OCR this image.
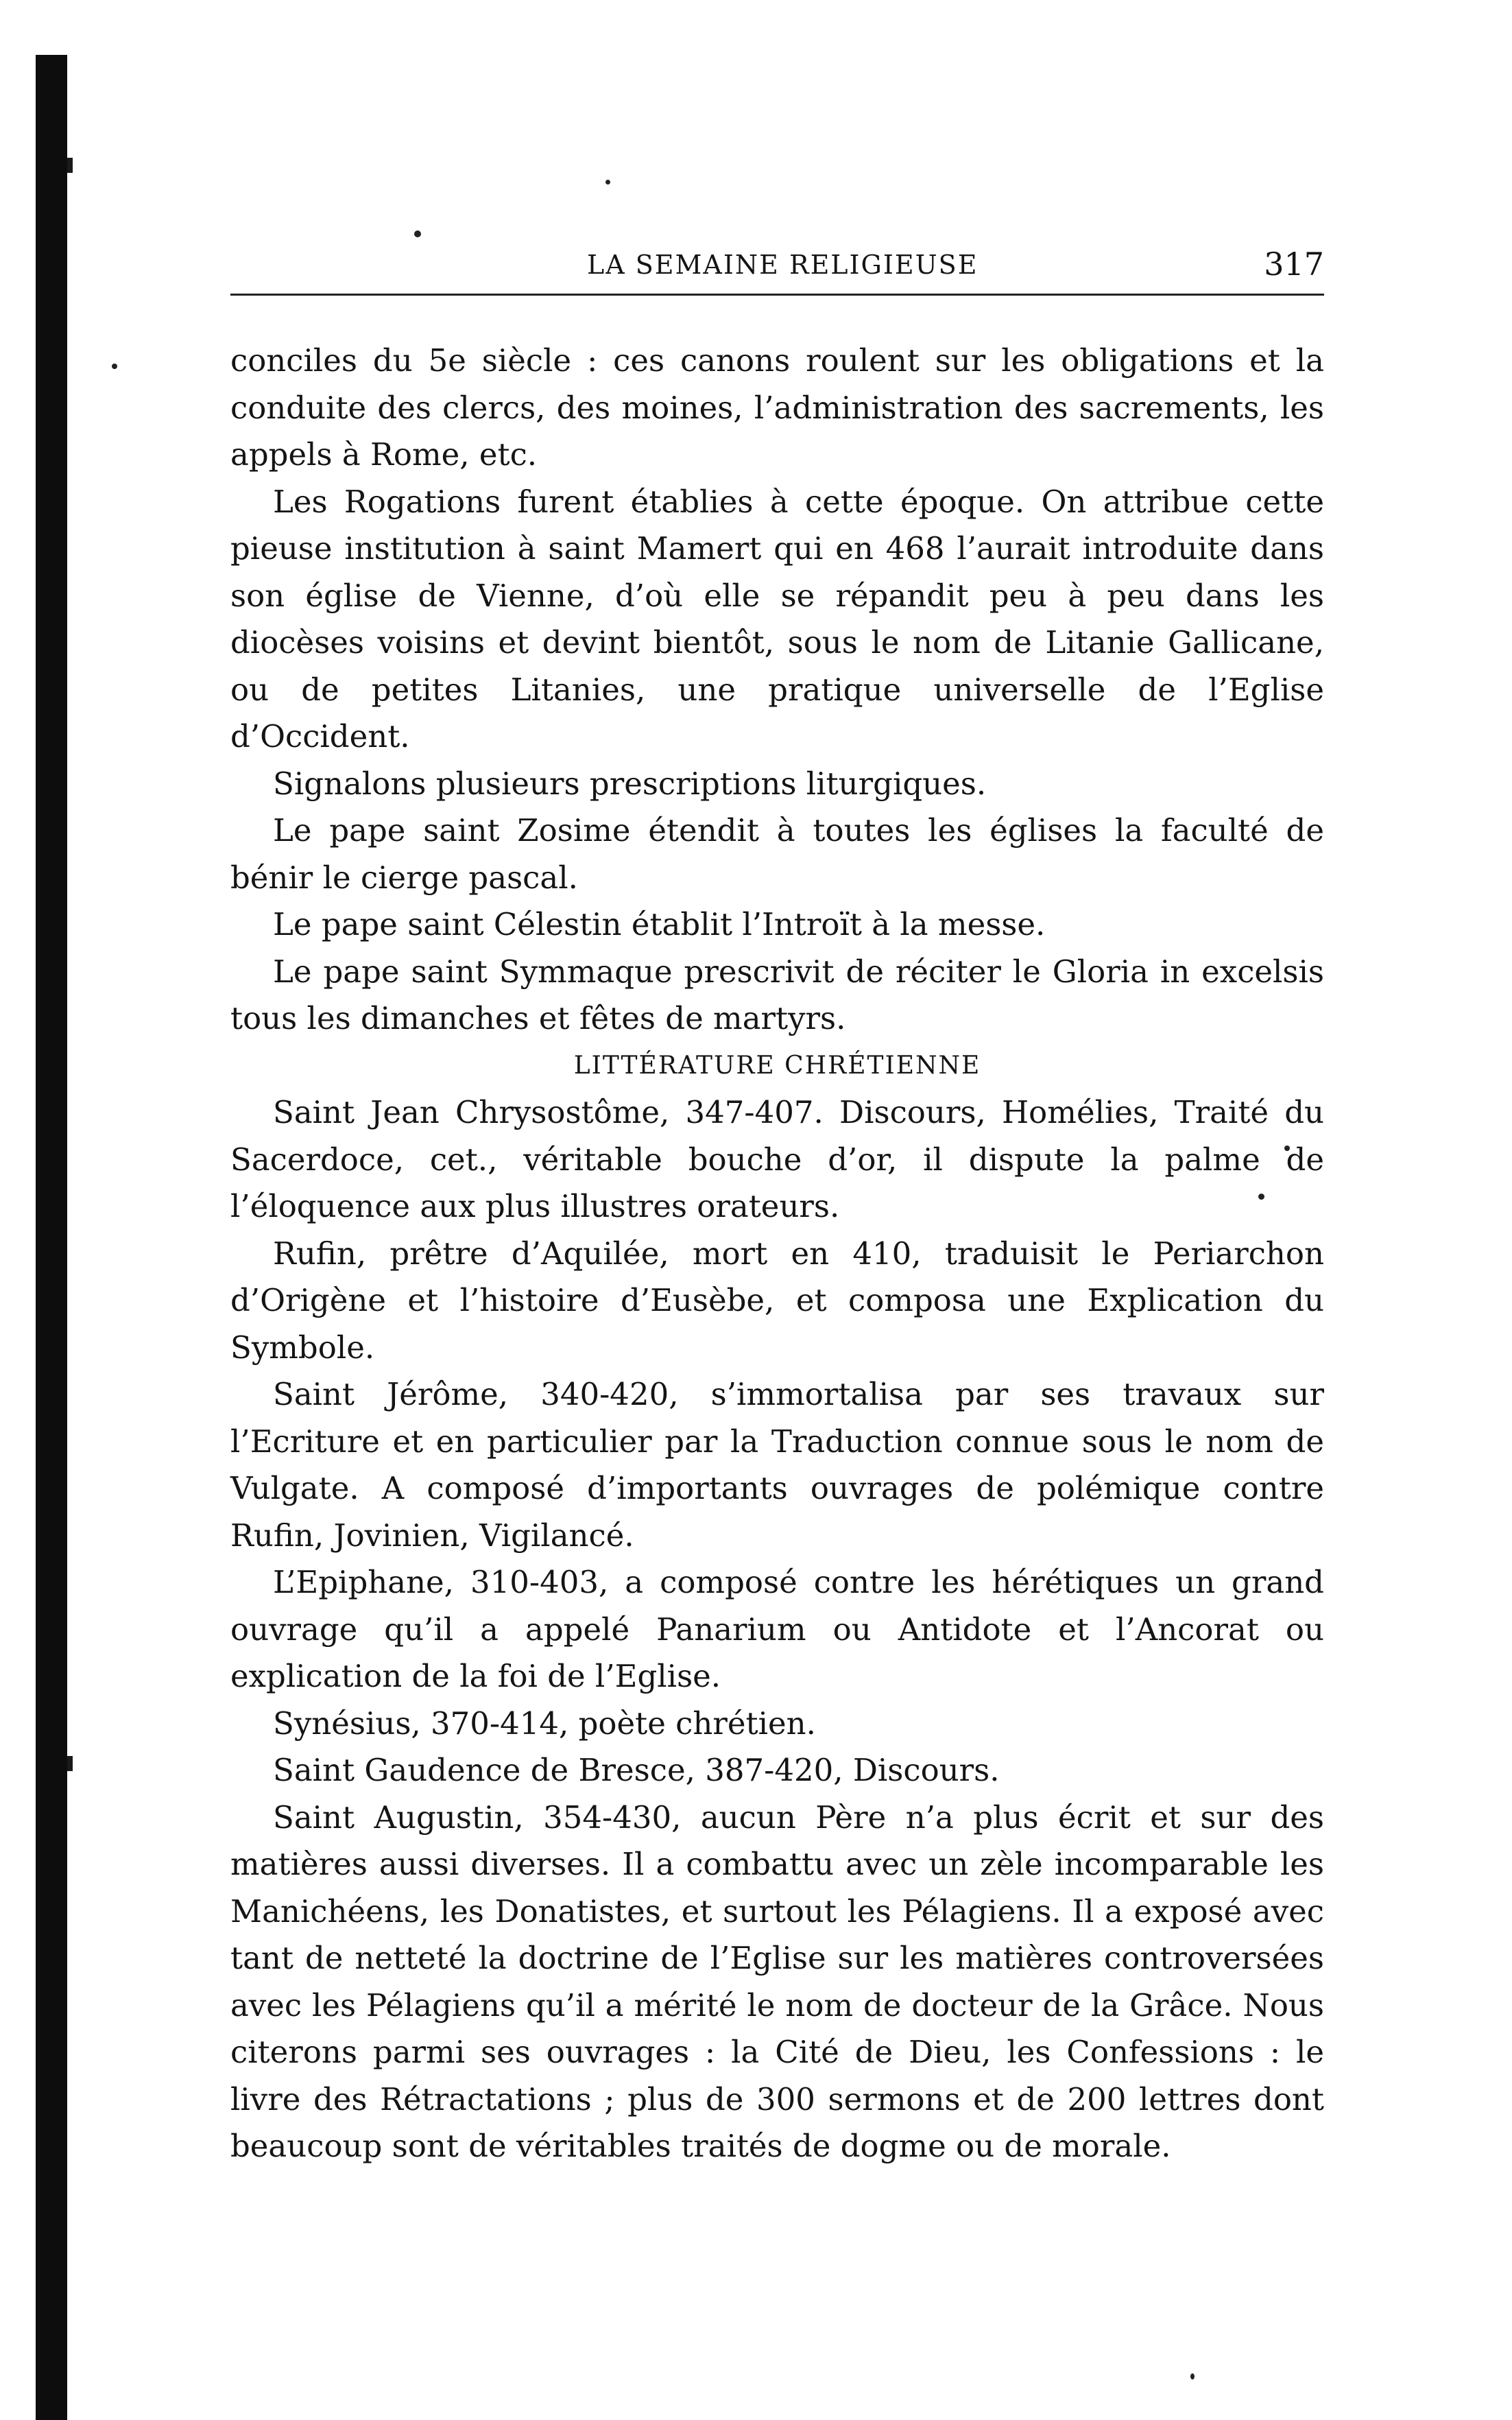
LA SEMAINE RELIGIEUSE	317

conciles du 5e siècle : ces canons roulent sur les obligations et la conduite des clercs, des moines, l’administration des sacrements, les appels à Rome, etc.

Les Rogations furent établies à cette époque. On attribue cette pieuse institution à saint Mamert qui en 468 l’aurait introduite dans son église de Vienne, d’où elle se répandit peu à peu dans les diocèses voisins et devint bientôt, sous le nom de Litanie Gallicane, ou de petites Litanies, une pratique universelle de l’Eglise d’Occident.

Signalons plusieurs prescriptions liturgiques.

Le pape saint Zosime étendit à toutes les églises la faculté de bénir le cierge pascal.

Le pape saint Célestin établit l’Introït à la messe.

Le pape saint Symmaque prescrivit de réciter le Gloria in excelsis tous les dimanches et fêtes de martyrs.

LITTÉRATURE CHRÉTIENNE

Saint Jean Chrysostôme, 347-407. Discours, Homélies, Traité du Sacerdoce, cet., véritable bouche d’or, il dispute la palme de l’éloquence aux plus illustres orateurs.

Rufin, prêtre d’Aquilée, mort en 410, traduisit le Periarchon d’Origène et l’histoire d’Eusèbe, et composa une Explication du Symbole.

Saint Jérôme, 340-420, s’immortalisa par ses travaux sur l’Ecriture et en particulier par la Traduction connue sous le nom de Vulgate. A composé d’importants ouvrages de polémique contre Rufin, Jovinien, Vigilancé.

L’Epiphane, 310-403, a composé contre les hérétiques un grand ouvrage qu’il a appelé Panarium ou Antidote et l’Ancorat ou explication de la foi de l’Eglise.

Synésius, 370-414, poète chrétien.

Saint Gaudence de Bresce, 387-420, Discours.

Saint Augustin, 354-430, aucun Père n’a plus écrit et sur des matières aussi diverses. Il a combattu avec un zèle incomparable les Manichéens, les Donatistes, et surtout les Pélagiens. Il a exposé avec tant de netteté la doctrine de l’Eglise sur les matières controversées avec les Pélagiens qu’il a mérité le nom de docteur de la Grâce. Nous citerons parmi ses ouvrages : la Cité de Dieu, les Confessions : le livre des Rétractations ; plus de 300 sermons et de 200 lettres dont beaucoup sont de véritables traités de dogme ou de morale.
